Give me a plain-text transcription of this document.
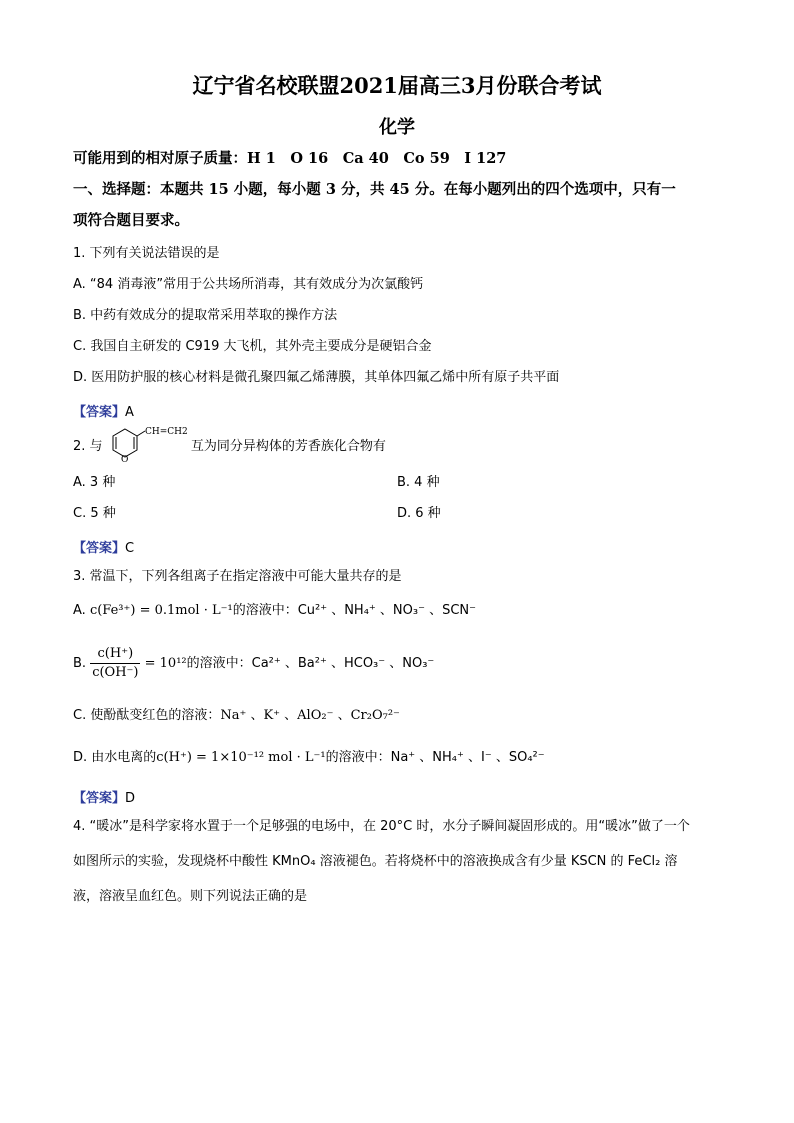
辽宁省名校联盟2021届高三3月份联合考试
化学
可能用到的相对原子质量：H 1　O 16　Ca 40　Co 59　I 127
一、选择题：本题共 15 小题，每小题 3 分，共 45 分。在每小题列出的四个选项中，只有一
项符合题目要求。
1. 下列有关说法错误的是
A. “84 消毒液”常用于公共场所消毒，其有效成分为次氯酸钙
B. 中药有效成分的提取常采用萃取的操作方法
C. 我国自主研发的 C919 大飞机，其外壳主要成分是硬铝合金
D. 医用防护服的核心材料是微孔聚四氟乙烯薄膜，其单体四氟乙烯中所有原子共平面
【答案】A
2. 与
O
CH=CH2
互为同分异构体的芳香族化合物有
A. 3 种	B. 4 种
C. 5 种	D. 6 种
【答案】C
3. 常温下，下列各组离子在指定溶液中可能大量共存的是
A. c(Fe³⁺) = 0.1mol · L⁻¹的溶液中：Cu²⁺ 、NH₄⁺ 、NO₃⁻ 、SCN⁻
B. $\frac{c(H^+)}{c(OH^-)} = 10^{12}$的溶液中：Ca²⁺ 、Ba²⁺ 、HCO₃⁻ 、NO₃⁻
C. 使酚酞变红色的溶液：Na⁺ 、K⁺ 、AlO₂⁻ 、Cr₂O₇²⁻
D. 由水电离的c(H⁺) = 1×10⁻¹² mol · L⁻¹的溶液中：Na⁺ 、NH₄⁺ 、I⁻ 、SO₄²⁻
【答案】D
4. “暖冰”是科学家将水置于一个足够强的电场中，在 20°C 时，水分子瞬间凝固形成的。用“暖冰”做了一个
如图所示的实验，发现烧杯中酸性 KMnO₄ 溶液褪色。若将烧杯中的溶液换成含有少量 KSCN 的 FeCl₂ 溶
液，溶液呈血红色。则下列说法正确的是
